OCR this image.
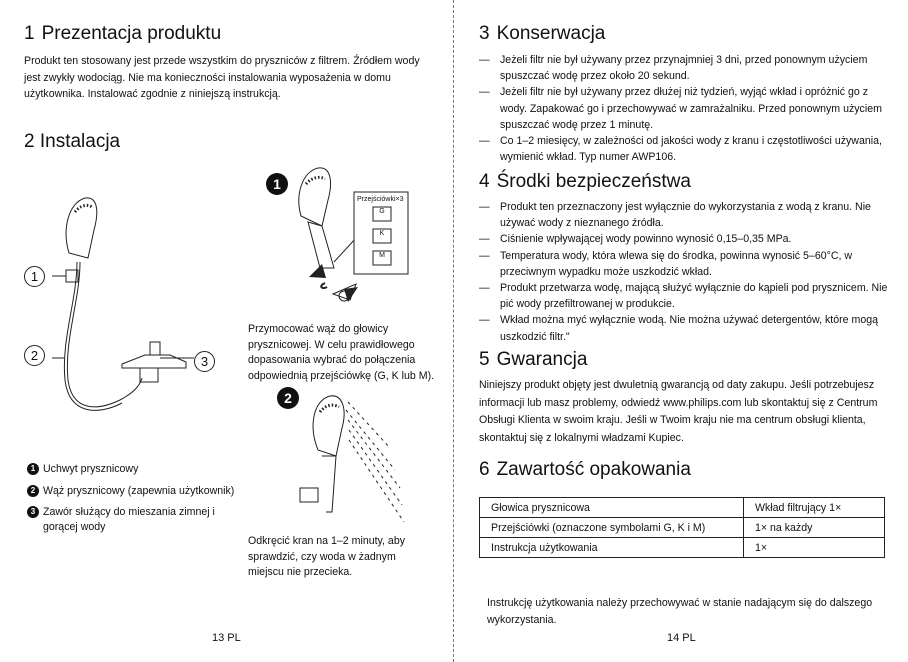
1 Prezentacja produktu

Produkt ten stosowany jest przede wszystkim do pryszniców z filtrem. Źródłem wody jest zwykły wodociąg. Nie ma konieczności instalowania wyposażenia w domu użytkownika. Instalować zgodnie z niniejszą instrukcją.

2 Instalacja
1
2	3
1
2
Przejściówki×3
G
K
M

Przymocować wąż do głowicy prysznicowej. W celu prawidłowego dopasowania wybrać do połączenia odpowiednią przejściówkę (G, K lub M).

Odkręcić kran na 1–2 minuty, aby sprawdzić, czy woda w żadnym miejscu nie przecieka.

1 Uchwyt prysznicowy
2 Wąż prysznicowy (zapewnia użytkownik)
3 Zawór służący do mieszania zimnej i gorącej wody
13 PL
3 Konserwacja
— Jeżeli filtr nie był używany przez przynajmniej 3 dni, przed ponownym użyciem spuszczać wodę przez około 20 sekund.
— Jeżeli filtr nie był używany przez dłużej niż tydzień, wyjąć wkład i opróżnić go z wody. Zapakować go i przechowywać w zamrażalniku. Przed ponownym użyciem spuszczać wodę przez 1 minutę.
— Co 1–2 miesięcy, w zależności od jakości wody z kranu i częstotliwości używania, wymienić wkład. Typ numer AWP106.
4 Środki bezpieczeństwa
— Produkt ten przeznaczony jest wyłącznie do wykorzystania z wodą z kranu. Nie używać wody z nieznanego źródła.
— Ciśnienie wpływającej wody powinno wynosić 0,15–0,35 MPa.
— Temperatura wody, która wlewa się do środka, powinna wynosić 5–60°C, w przeciwnym wypadku może uszkodzić wkład.
— Produkt przetwarza wodę, mającą służyć wyłącznie do kąpieli pod prysznicem. Nie pić wody przefiltrowanej w produkcie.
— Wkład można myć wyłącznie wodą. Nie można używać detergentów, które mogą uszkodzić filtr."
5 Gwarancja

Niniejszy produkt objęty jest dwuletnią gwarancją od daty zakupu. Jeśli potrzebujesz informacji lub masz problemy, odwiedź www.philips.com lub skontaktuj się z Centrum Obsługi Klienta w swoim kraju. Jeśli w Twoim kraju nie ma centrum obsługi klienta, skontaktuj się z lokalnymi władzami Kupiec.

6 Zawartość opakowania
Głowica prysznicowa	Wkład filtrujący 1×
Przejściówki (oznaczone symbolami G, K i M)	1× na każdy
Instrukcja użytkowania	1×

Instrukcję użytkowania należy przechowywać w stanie nadającym się do dalszego wykorzystania.

14 PL
